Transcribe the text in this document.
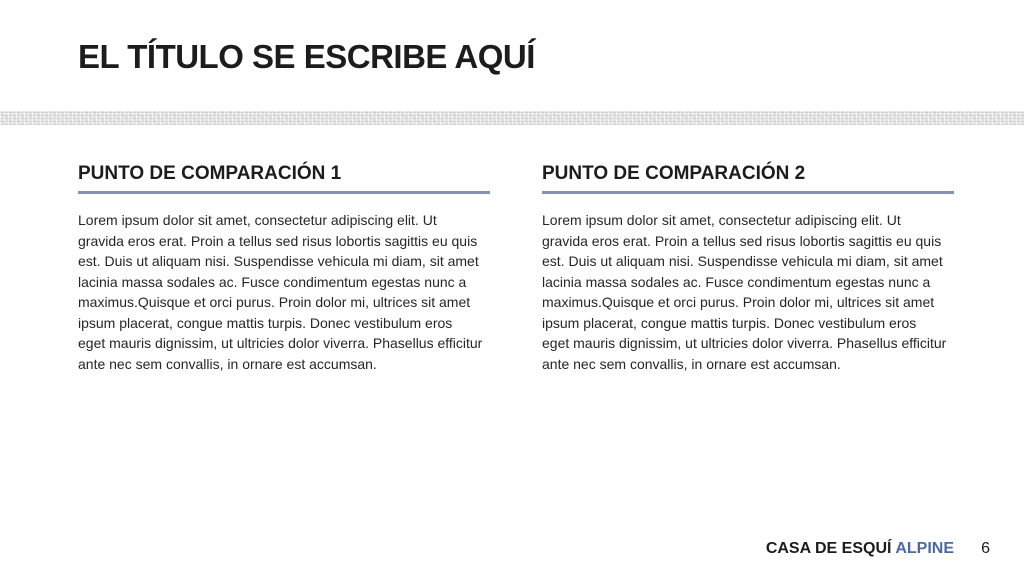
EL TÍTULO SE ESCRIBE AQUÍ
PUNTO DE COMPARACIÓN 1

Lorem ipsum dolor sit amet, consectetur adipiscing elit. Ut gravida eros erat. Proin a tellus sed risus lobortis sagittis eu quis est. Duis ut aliquam nisi. Suspendisse vehicula mi diam, sit amet lacinia massa sodales ac. Fusce condimentum egestas nunc a maximus.Quisque et orci purus. Proin dolor mi, ultrices sit amet ipsum placerat, congue mattis turpis. Donec vestibulum eros eget mauris dignissim, ut ultricies dolor viverra. Phasellus efficitur ante nec sem convallis, in ornare est accumsan.

PUNTO DE COMPARACIÓN 2

Lorem ipsum dolor sit amet, consectetur adipiscing elit. Ut gravida eros erat. Proin a tellus sed risus lobortis sagittis eu quis est. Duis ut aliquam nisi. Suspendisse vehicula mi diam, sit amet lacinia massa sodales ac. Fusce condimentum egestas nunc a maximus.Quisque et orci purus. Proin dolor mi, ultrices sit amet ipsum placerat, congue mattis turpis. Donec vestibulum eros eget mauris dignissim, ut ultricies dolor viverra. Phasellus efficitur ante nec sem convallis, in ornare est accumsan.

CASA DE ESQUÍ ALPINE 6
